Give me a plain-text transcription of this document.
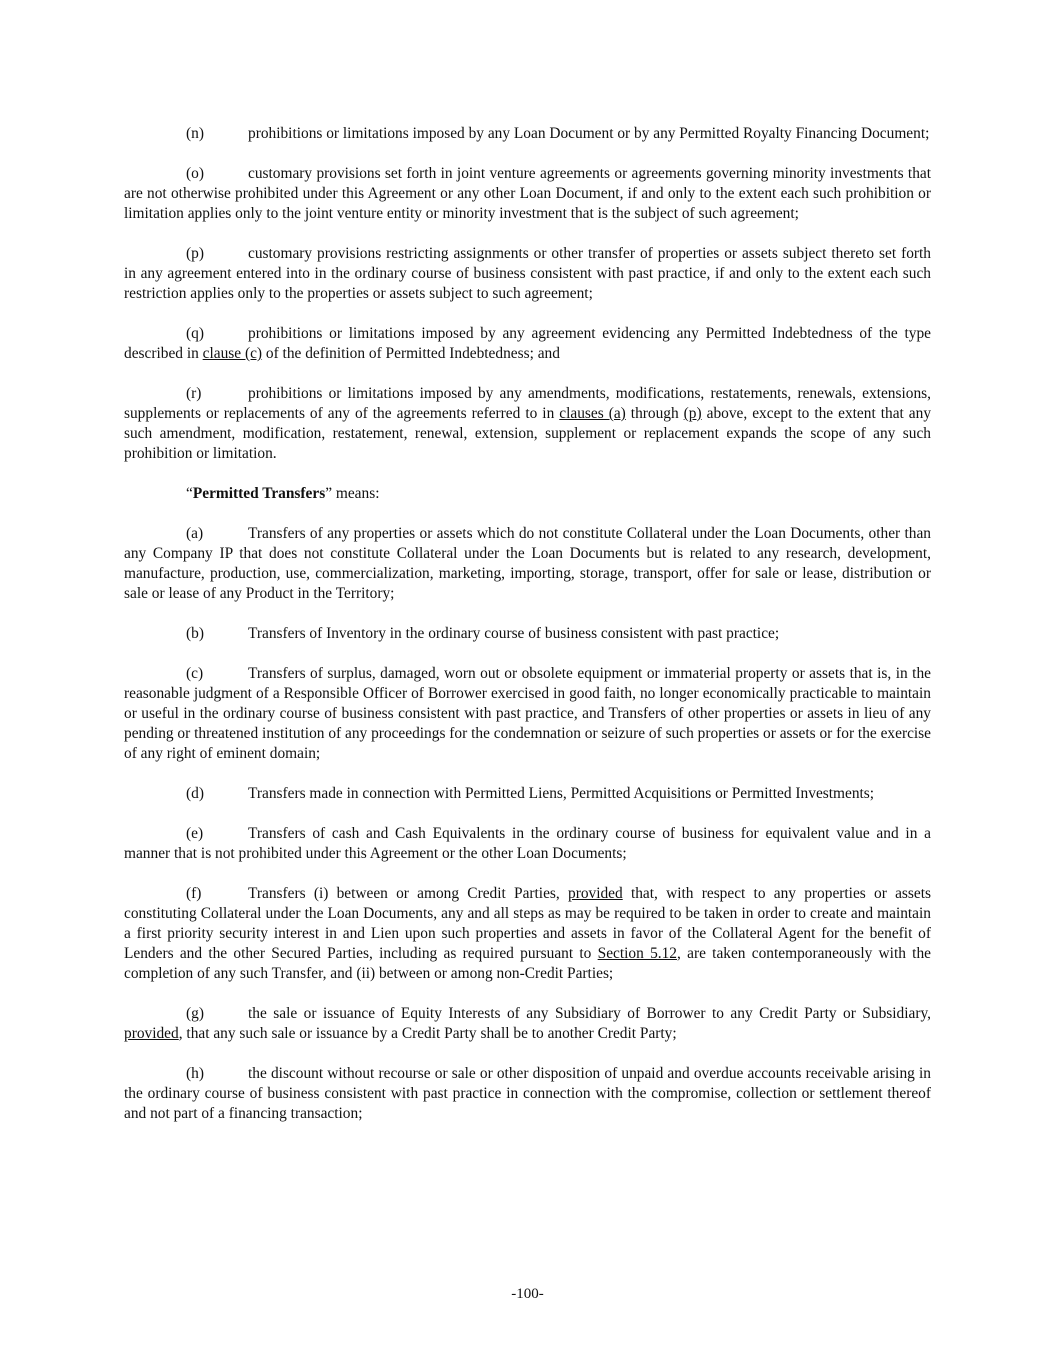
(n)	prohibitions or limitations imposed by any Loan Document or by any Permitted Royalty Financing Document;

(o)	customary provisions set forth in joint venture agreements or agreements governing minority investments that are not otherwise prohibited under this Agreement or any other Loan Document, if and only to the extent each such prohibition or limitation applies only to the joint venture entity or minority investment that is the subject of such agreement;

(p)	customary provisions restricting assignments or other transfer of properties or assets subject thereto set forth in any agreement entered into in the ordinary course of business consistent with past practice, if and only to the extent each such restriction applies only to the properties or assets subject to such agreement;

(q)	prohibitions or limitations imposed by any agreement evidencing any Permitted Indebtedness of the type described in clause (c) of the definition of Permitted Indebtedness; and

(r)	prohibitions or limitations imposed by any amendments, modifications, restatements, renewals, extensions, supplements or replacements of any of the agreements referred to in clauses (a) through (p) above, except to the extent that any such amendment, modification, restatement, renewal, extension, supplement or replacement expands the scope of any such prohibition or limitation.

“Permitted Transfers” means:

(a)	Transfers of any properties or assets which do not constitute Collateral under the Loan Documents, other than any Company IP that does not constitute Collateral under the Loan Documents but is related to any research, development, manufacture, production, use, commercialization, marketing, importing, storage, transport, offer for sale or lease, distribution or sale or lease of any Product in the Territory;

(b)	Transfers of Inventory in the ordinary course of business consistent with past practice;

(c)	Transfers of surplus, damaged, worn out or obsolete equipment or immaterial property or assets that is, in the reasonable judgment of a Responsible Officer of Borrower exercised in good faith, no longer economically practicable to maintain or useful in the ordinary course of business consistent with past practice, and Transfers of other properties or assets in lieu of any pending or threatened institution of any proceedings for the condemnation or seizure of such properties or assets or for the exercise of any right of eminent domain;

(d)	Transfers made in connection with Permitted Liens, Permitted Acquisitions or Permitted Investments;

(e)	Transfers of cash and Cash Equivalents in the ordinary course of business for equivalent value and in a manner that is not prohibited under this Agreement or the other Loan Documents;

(f)	Transfers (i) between or among Credit Parties, provided that, with respect to any properties or assets constituting Collateral under the Loan Documents, any and all steps as may be required to be taken in order to create and maintain a first priority security interest in and Lien upon such properties and assets in favor of the Collateral Agent for the benefit of Lenders and the other Secured Parties, including as required pursuant to Section 5.12, are taken contemporaneously with the completion of any such Transfer, and (ii) between or among non-Credit Parties;

(g)	the sale or issuance of Equity Interests of any Subsidiary of Borrower to any Credit Party or Subsidiary, provided, that any such sale or issuance by a Credit Party shall be to another Credit Party;

(h)	the discount without recourse or sale or other disposition of unpaid and overdue accounts receivable arising in the ordinary course of business consistent with past practice in connection with the compromise, collection or settlement thereof and not part of a financing transaction;

-100-
